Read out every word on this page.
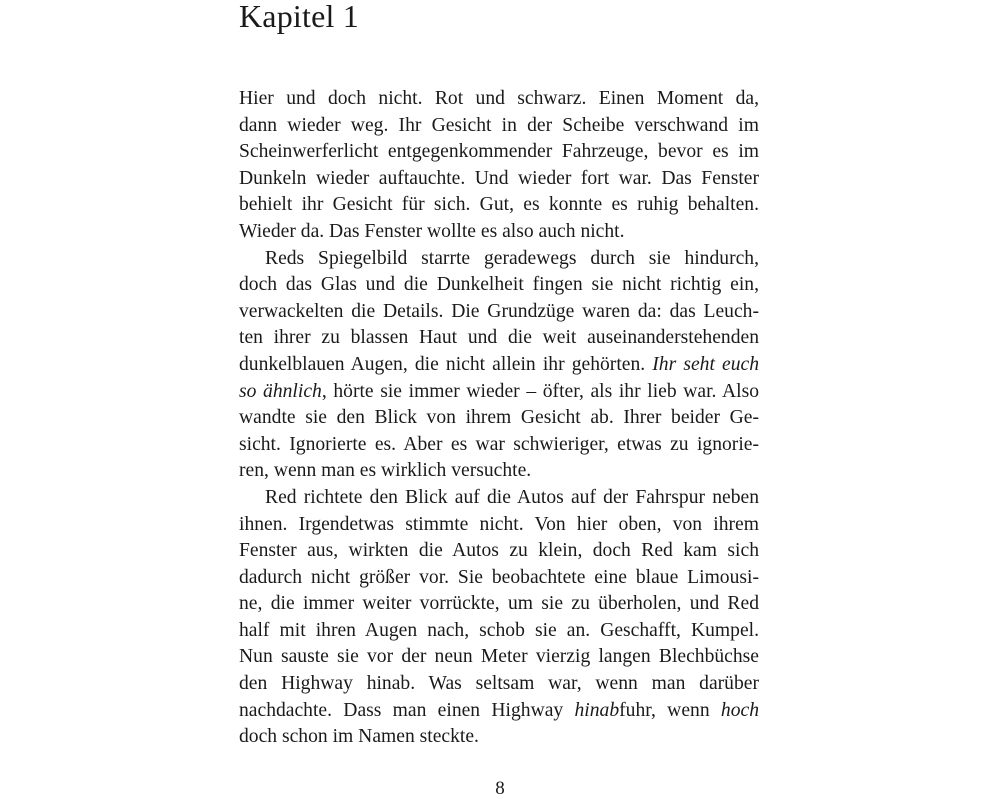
Kapitel 1
Hier und doch nicht. Rot und schwarz. Einen Moment da,
dann wieder weg. Ihr Gesicht in der Scheibe verschwand im
Scheinwerferlicht entgegenkommender Fahrzeuge, bevor es im
Dunkeln wieder auftauchte. Und wieder fort war. Das Fenster
behielt ihr Gesicht für sich. Gut, es konnte es ruhig behalten.
Wieder da. Das Fenster wollte es also auch nicht.
Reds Spiegelbild starrte geradewegs durch sie hindurch,
doch das Glas und die Dunkelheit fingen sie nicht richtig ein,
verwackelten die Details. Die Grundzüge waren da: das Leuch-
ten ihrer zu blassen Haut und die weit auseinanderstehenden
dunkelblauen Augen, die nicht allein ihr gehörten. Ihr seht euch
so ähnlich, hörte sie immer wieder – öfter, als ihr lieb war. Also
wandte sie den Blick von ihrem Gesicht ab. Ihrer beider Ge-
sicht. Ignorierte es. Aber es war schwieriger, etwas zu ignorie-
ren, wenn man es wirklich versuchte.
Red richtete den Blick auf die Autos auf der Fahrspur neben
ihnen. Irgendetwas stimmte nicht. Von hier oben, von ihrem
Fenster aus, wirkten die Autos zu klein, doch Red kam sich
dadurch nicht größer vor. Sie beobachtete eine blaue Limousi-
ne, die immer weiter vorrückte, um sie zu überholen, und Red
half mit ihren Augen nach, schob sie an. Geschafft, Kumpel.
Nun sauste sie vor der neun Meter vierzig langen Blechbüchse
den Highway hinab. Was seltsam war, wenn man darüber
nachdachte. Dass man einen Highway hinabfuhr, wenn hoch
doch schon im Namen steckte.
8
